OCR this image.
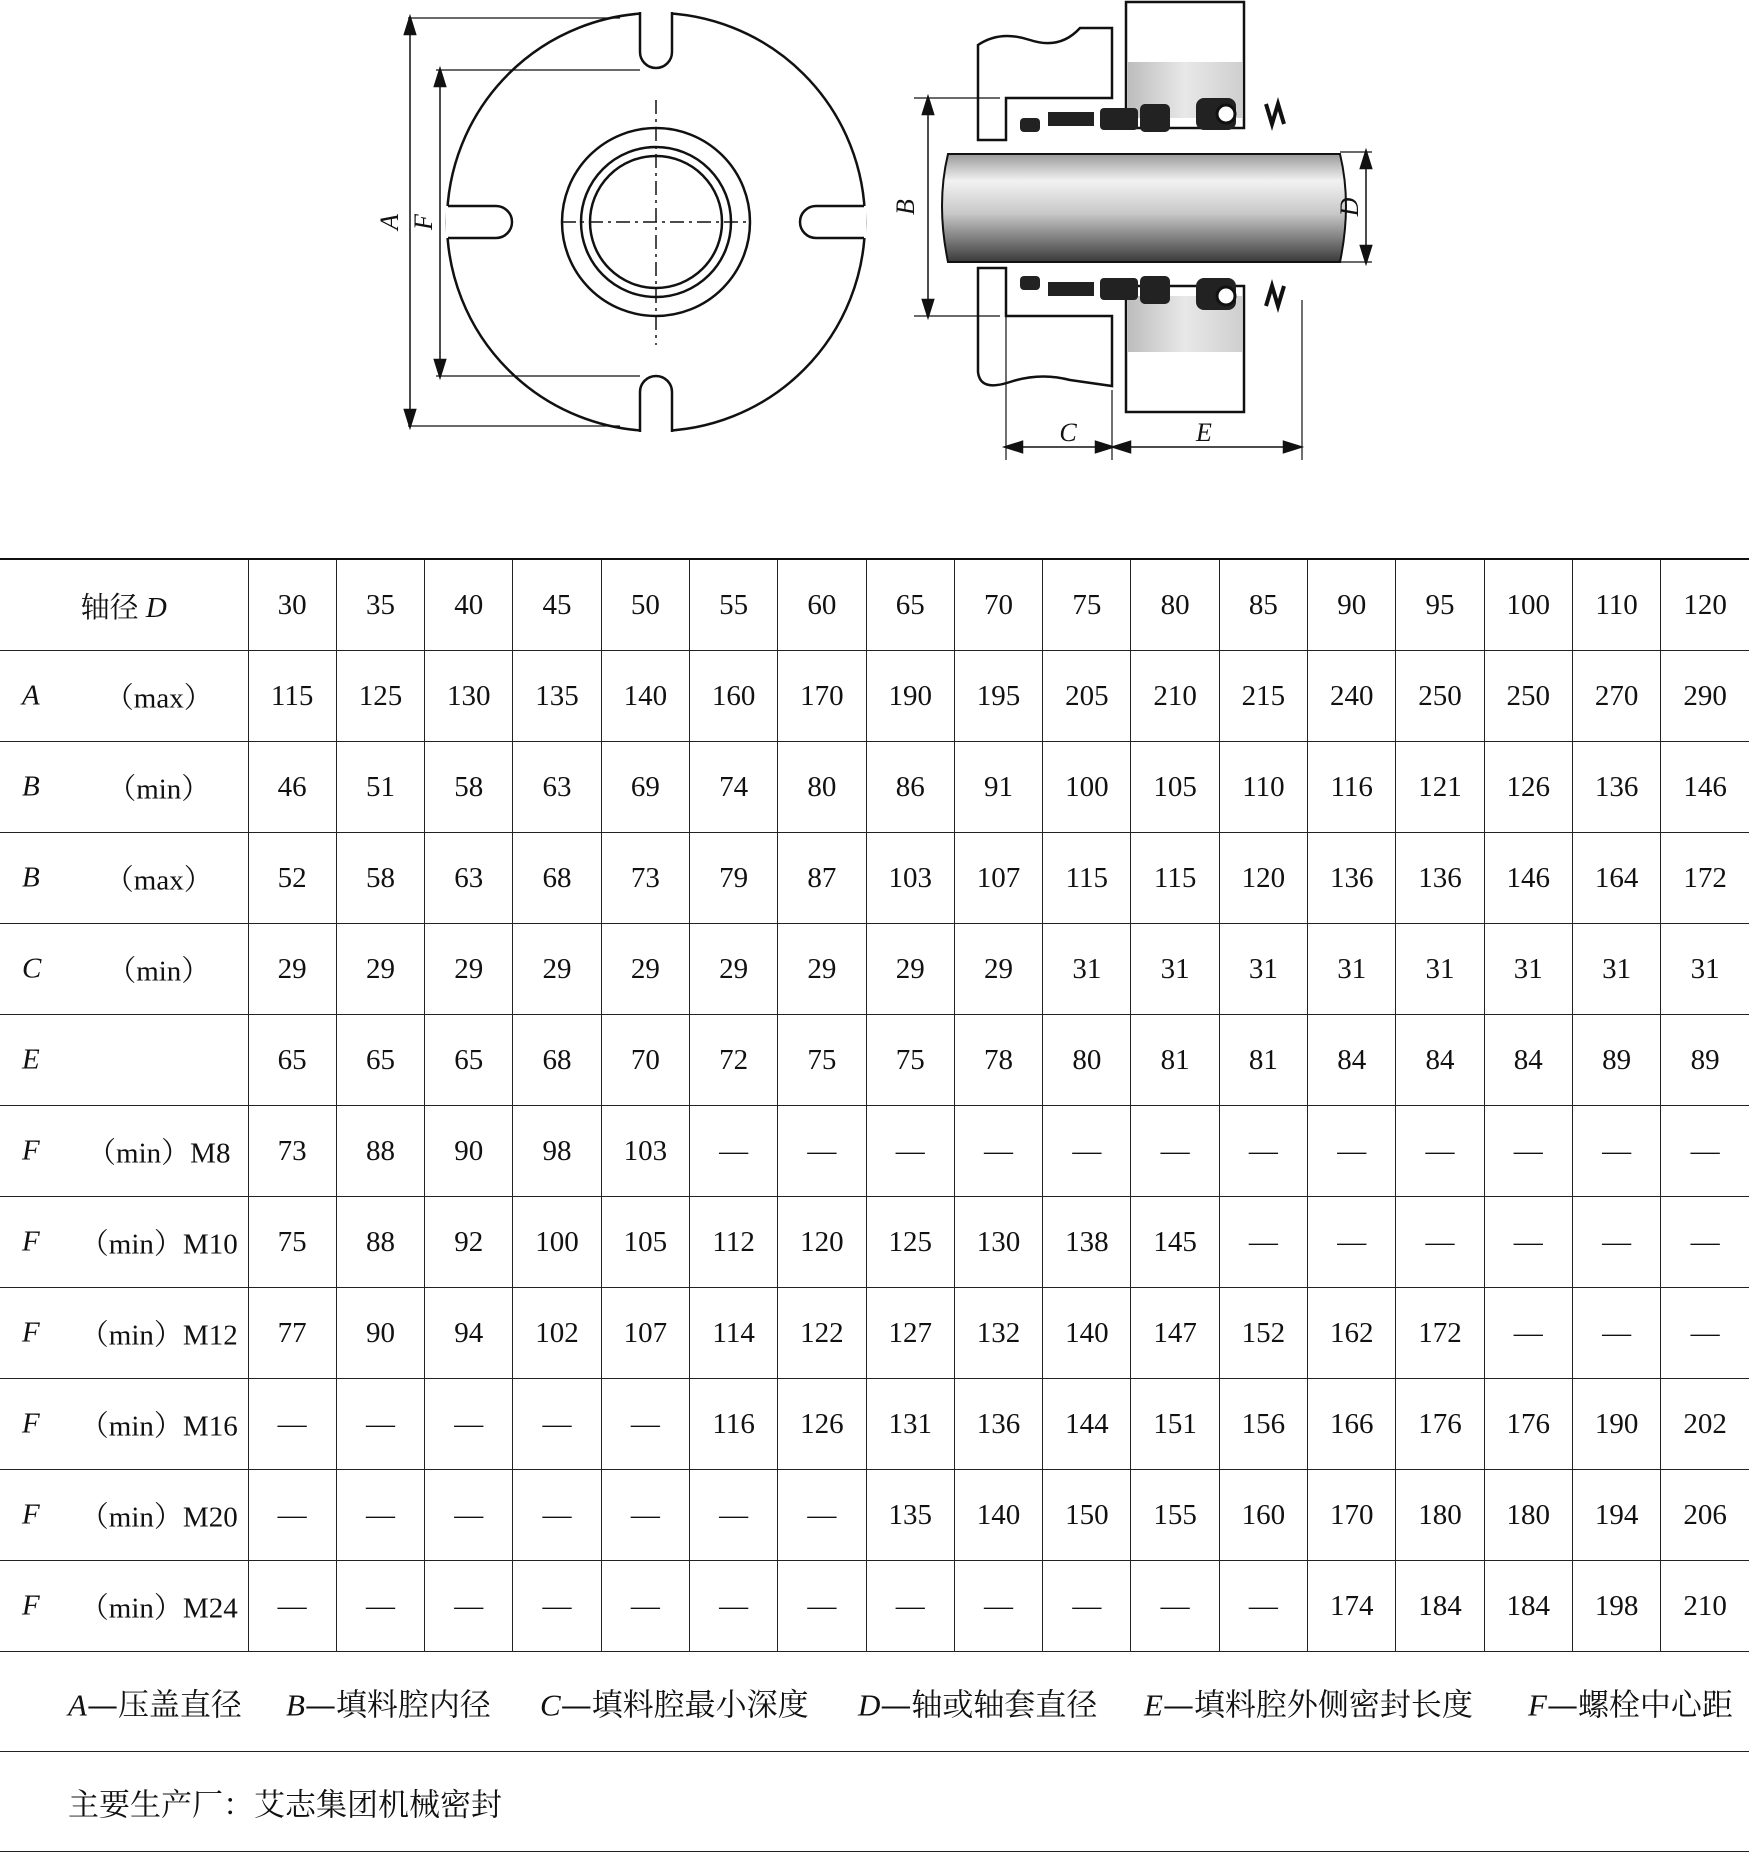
A F
B	D
C	E
轴径 D	30	35	40	45	50	55	60	65	70	75	80	85	90	95	100	110	120

A （max）	115	125	130	135	140	160	170	190	195	205	210	215	240	250	250	270	290

B （min）	46	51	58	63	69	74	80	86	91	100	105	110	116	121	126	136	146

B （max）	52	58	63	68	73	79	87	103	107	115	115	120	136	136	146	164	172

C （min）	29	29	29	29	29	29	29	29	29	31	31	31	31	31	31	31	31

E	65	65	65	68	70	72	75	75	78	80	81	81	84	84	84	89	89

F （min）M8	73	88	90	98	103	—	—	—	—	—	—	—	—	—	—	—	—

F （min）M10	75	88	92	100	105	112	120	125	130	138	145	—	—	—	—	—	—

F （min）M12	77	90	94	102	107	114	122	127	132	140	147	152	162	172	—	—	—

F （min）M16	—	—	—	—	—	116	126	131	136	144	151	156	166	176	176	190	202

F （min）M20	—	—	—	—	—	—	—	135	140	150	155	160	170	180	180	194	206

F （min）M24	—	—	—	—	—	—	—	—	—	—	—	—	174	184	184	198	210
A—压盖直径 B—填料腔内径 C—填料腔最小深度 D—轴或轴套直径 E—填料腔外侧密封长度 F—螺栓中心距
主要生产厂：艾志集团机械密封
